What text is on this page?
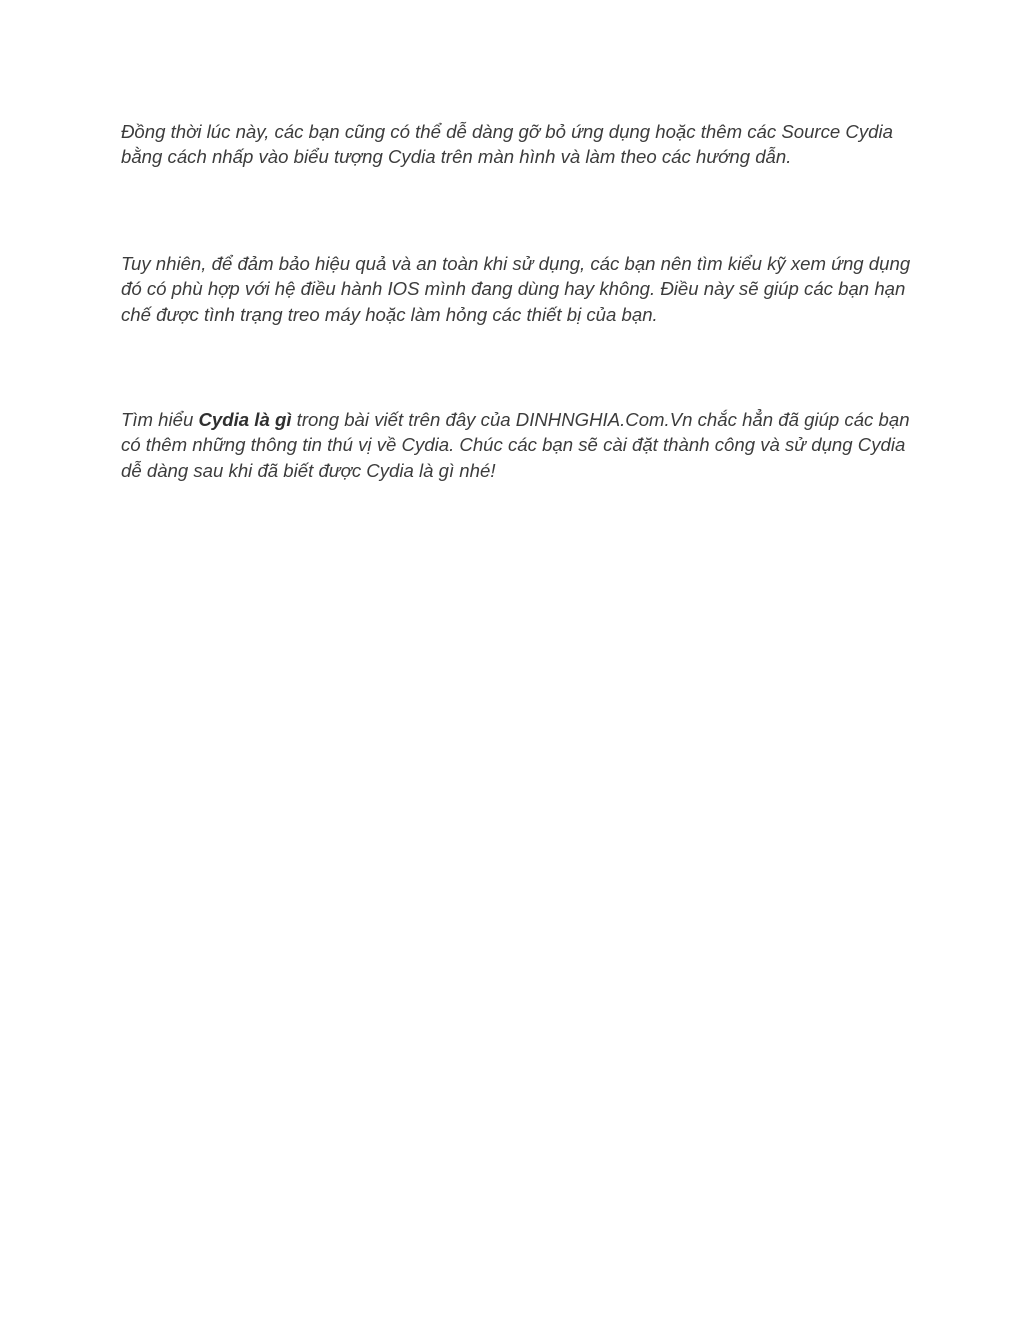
Đồng thời lúc này, các bạn cũng có thể dễ dàng gỡ bỏ ứng dụng hoặc thêm các Source Cydia bằng cách nhấp vào biểu tượng Cydia trên màn hình và làm theo các hướng dẫn.

Tuy nhiên, để đảm bảo hiệu quả và an toàn khi sử dụng, các bạn nên tìm kiểu kỹ xem ứng dụng đó có phù hợp với hệ điều hành IOS mình đang dùng hay không. Điều này sẽ giúp các bạn hạn chế được tình trạng treo máy hoặc làm hỏng các thiết bị của bạn.

Tìm hiểu Cydia là gì trong bài viết trên đây của DINHNGHIA.Com.Vn chắc hẳn đã giúp các bạn có thêm những thông tin thú vị về Cydia. Chúc các bạn sẽ cài đặt thành công và sử dụng Cydia dễ dàng sau khi đã biết được Cydia là gì nhé!
